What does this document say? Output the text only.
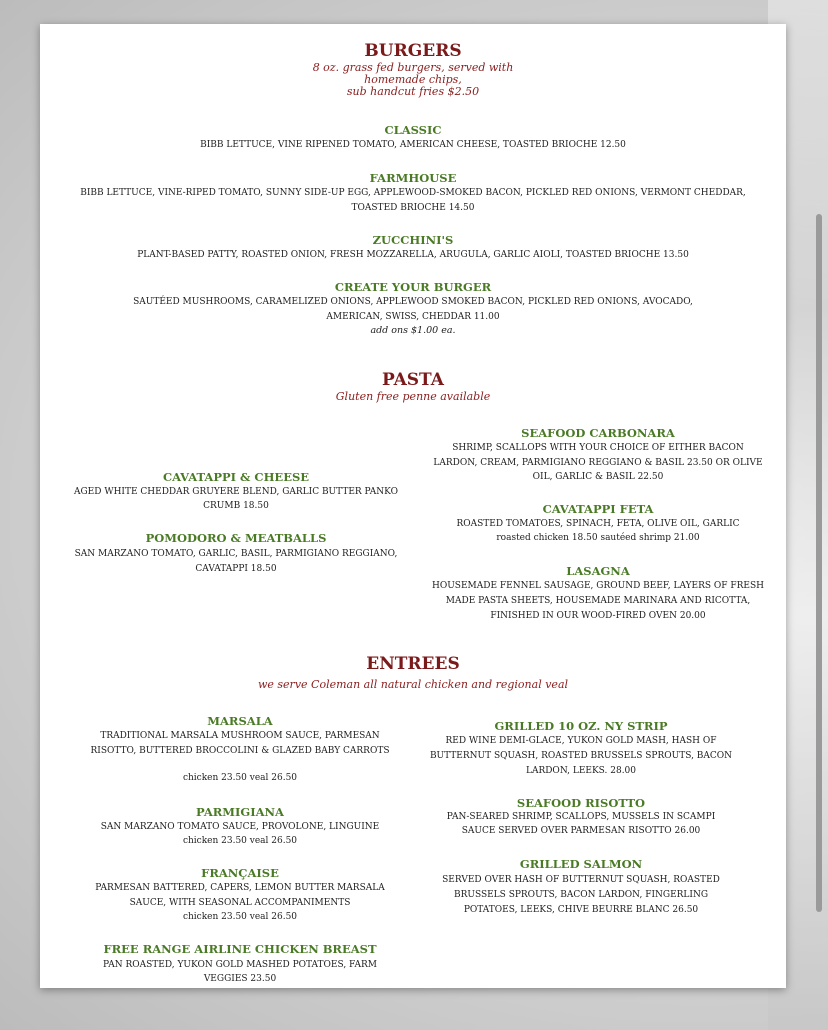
BURGERS
8 oz. grass fed burgers, served with
homemade chips,
sub handcut fries $2.50
CLASSIC
BIBB LETTUCE, VINE RIPENED TOMATO, AMERICAN CHEESE, TOASTED BRIOCHE 12.50
FARMHOUSE
BIBB LETTUCE, VINE-RIPED TOMATO, SUNNY SIDE-UP EGG, APPLEWOOD-SMOKED BACON, PICKLED RED ONIONS, VERMONT CHEDDAR,
TOASTED BRIOCHE 14.50
ZUCCHINI'S
PLANT-BASED PATTY, ROASTED ONION, FRESH MOZZARELLA, ARUGULA, GARLIC AIOLI, TOASTED BRIOCHE 13.50
CREATE YOUR BURGER
SAUTÉED MUSHROOMS, CARAMELIZED ONIONS, APPLEWOOD SMOKED BACON, PICKLED RED ONIONS, AVOCADO,
AMERICAN, SWISS, CHEDDAR 11.00
add ons $1.00 ea.
PASTA
Gluten free penne available
CAVATAPPI & CHEESE
AGED WHITE CHEDDAR GRUYERE BLEND, GARLIC BUTTER PANKO
CRUMB 18.50
POMODORO & MEATBALLS
SAN MARZANO TOMATO, GARLIC, BASIL, PARMIGIANO REGGIANO,
CAVATAPPI 18.50
SEAFOOD CARBONARA
SHRIMP, SCALLOPS WITH YOUR CHOICE OF EITHER BACON
LARDON, CREAM, PARMIGIANO REGGIANO & BASIL 23.50 OR OLIVE
OIL, GARLIC & BASIL 22.50
CAVATAPPI FETA
ROASTED TOMATOES, SPINACH, FETA, OLIVE OIL, GARLIC
roasted chicken 18.50 sautéed shrimp 21.00
LASAGNA
HOUSEMADE FENNEL SAUSAGE, GROUND BEEF, LAYERS OF FRESH
MADE PASTA SHEETS, HOUSEMADE MARINARA AND RICOTTA,
FINISHED IN OUR WOOD-FIRED OVEN 20.00
ENTREES
we serve Coleman all natural chicken and regional veal
MARSALA
TRADITIONAL MARSALA MUSHROOM SAUCE, PARMESAN
RISOTTO, BUTTERED BROCCOLINI & GLAZED BABY CARROTS
chicken 23.50 veal 26.50
PARMIGIANA
SAN MARZANO TOMATO SAUCE, PROVOLONE, LINGUINE
chicken 23.50 veal 26.50
FRANÇAISE
PARMESAN BATTERED, CAPERS, LEMON BUTTER MARSALA
SAUCE, WITH SEASONAL ACCOMPANIMENTS
chicken 23.50 veal 26.50
FREE RANGE AIRLINE CHICKEN BREAST
PAN ROASTED, YUKON GOLD MASHED POTATOES, FARM
VEGGIES 23.50
GRILLED 10 OZ. NY STRIP
RED WINE DEMI-GLACE, YUKON GOLD MASH, HASH OF
BUTTERNUT SQUASH, ROASTED BRUSSELS SPROUTS, BACON
LARDON, LEEKS. 28.00
SEAFOOD RISOTTO
PAN-SEARED SHRIMP, SCALLOPS, MUSSELS IN SCAMPI
SAUCE SERVED OVER PARMESAN RISOTTO 26.00
GRILLED SALMON
SERVED OVER HASH OF BUTTERNUT SQUASH, ROASTED
BRUSSELS SPROUTS, BACON LARDON, FINGERLING
POTATOES, LEEKS, CHIVE BEURRE BLANC 26.50
